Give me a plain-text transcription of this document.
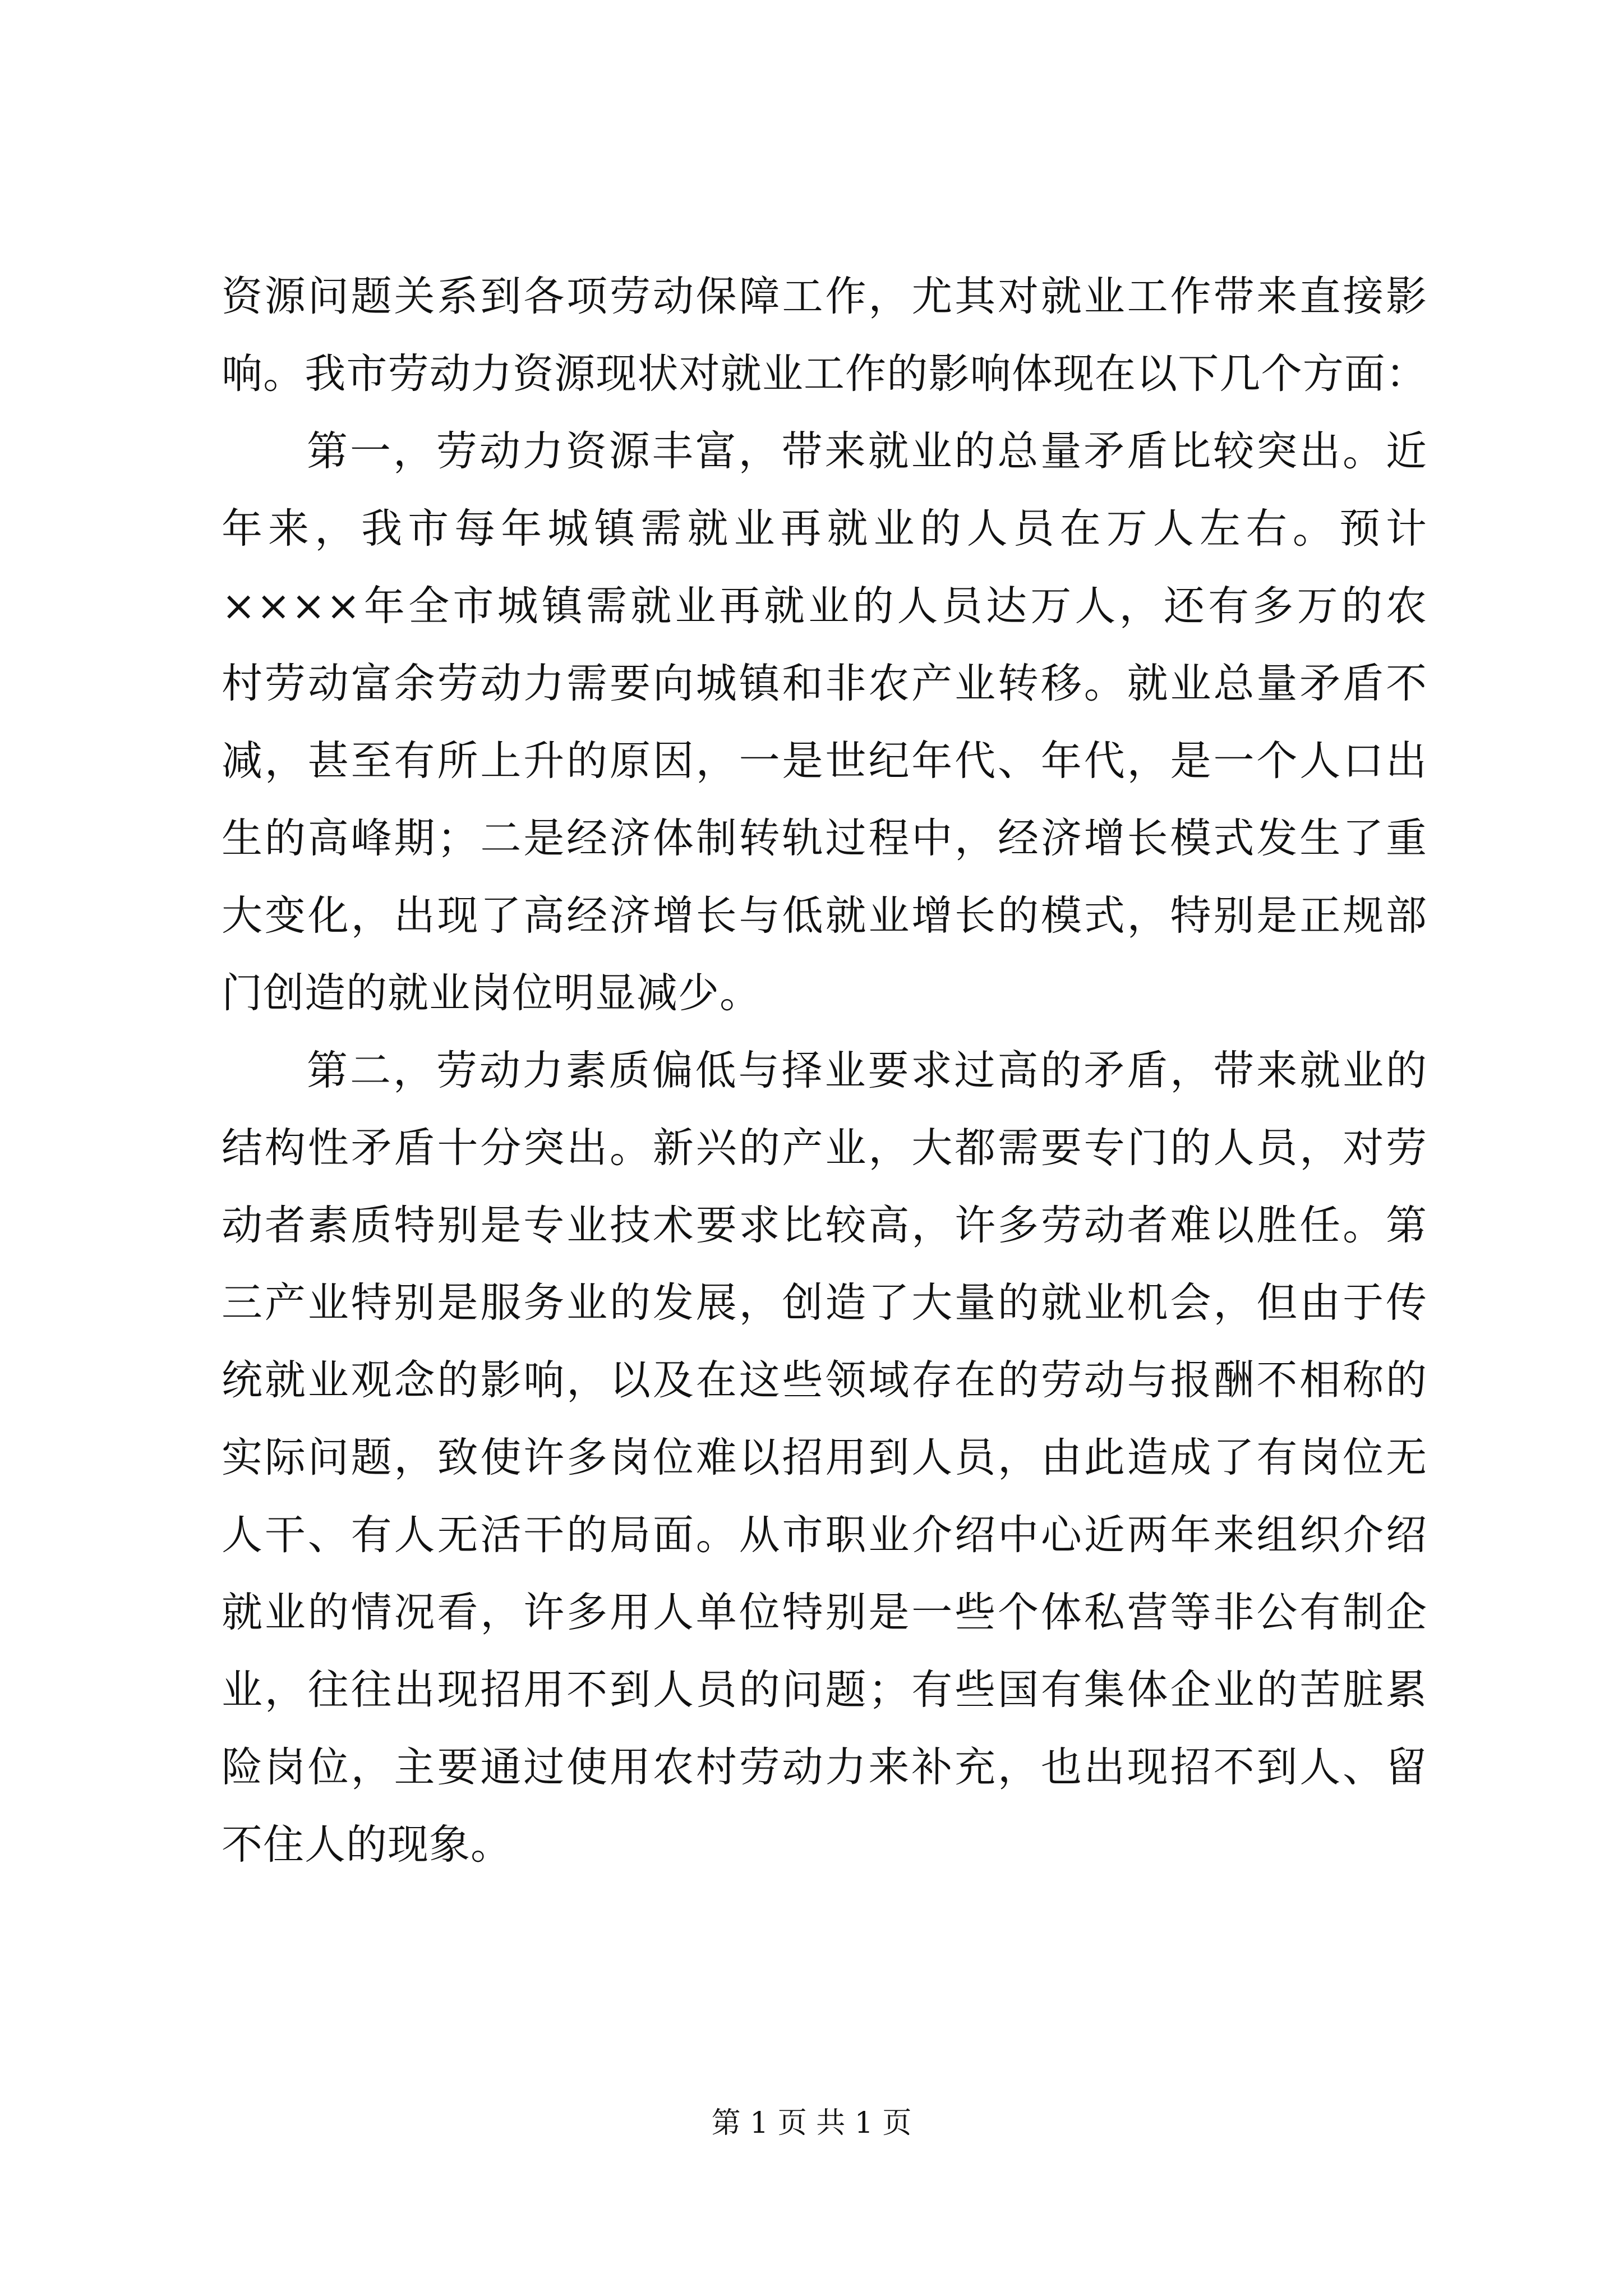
资源问题关系到各项劳动保障工作，尤其对就业工作带来直接影
响。我市劳动力资源现状对就业工作的影响体现在以下几个方面：
第一，劳动力资源丰富，带来就业的总量矛盾比较突出。近
年来，我市每年城镇需就业再就业的人员在万人左右。预计
××××年全市城镇需就业再就业的人员达万人，还有多万的农
村劳动富余劳动力需要向城镇和非农产业转移。就业总量矛盾不
减，甚至有所上升的原因，一是世纪年代、年代，是一个人口出
生的高峰期；二是经济体制转轨过程中，经济增长模式发生了重
大变化，出现了高经济增长与低就业增长的模式，特别是正规部
门创造的就业岗位明显减少。
第二，劳动力素质偏低与择业要求过高的矛盾，带来就业的
结构性矛盾十分突出。新兴的产业，大都需要专门的人员，对劳
动者素质特别是专业技术要求比较高，许多劳动者难以胜任。第
三产业特别是服务业的发展，创造了大量的就业机会，但由于传
统就业观念的影响，以及在这些领域存在的劳动与报酬不相称的
实际问题，致使许多岗位难以招用到人员，由此造成了有岗位无
人干、有人无活干的局面。从市职业介绍中心近两年来组织介绍
就业的情况看，许多用人单位特别是一些个体私营等非公有制企
业，往往出现招用不到人员的问题；有些国有集体企业的苦脏累
险岗位，主要通过使用农村劳动力来补充，也出现招不到人、留
不住人的现象。
第 1 页 共 1 页
